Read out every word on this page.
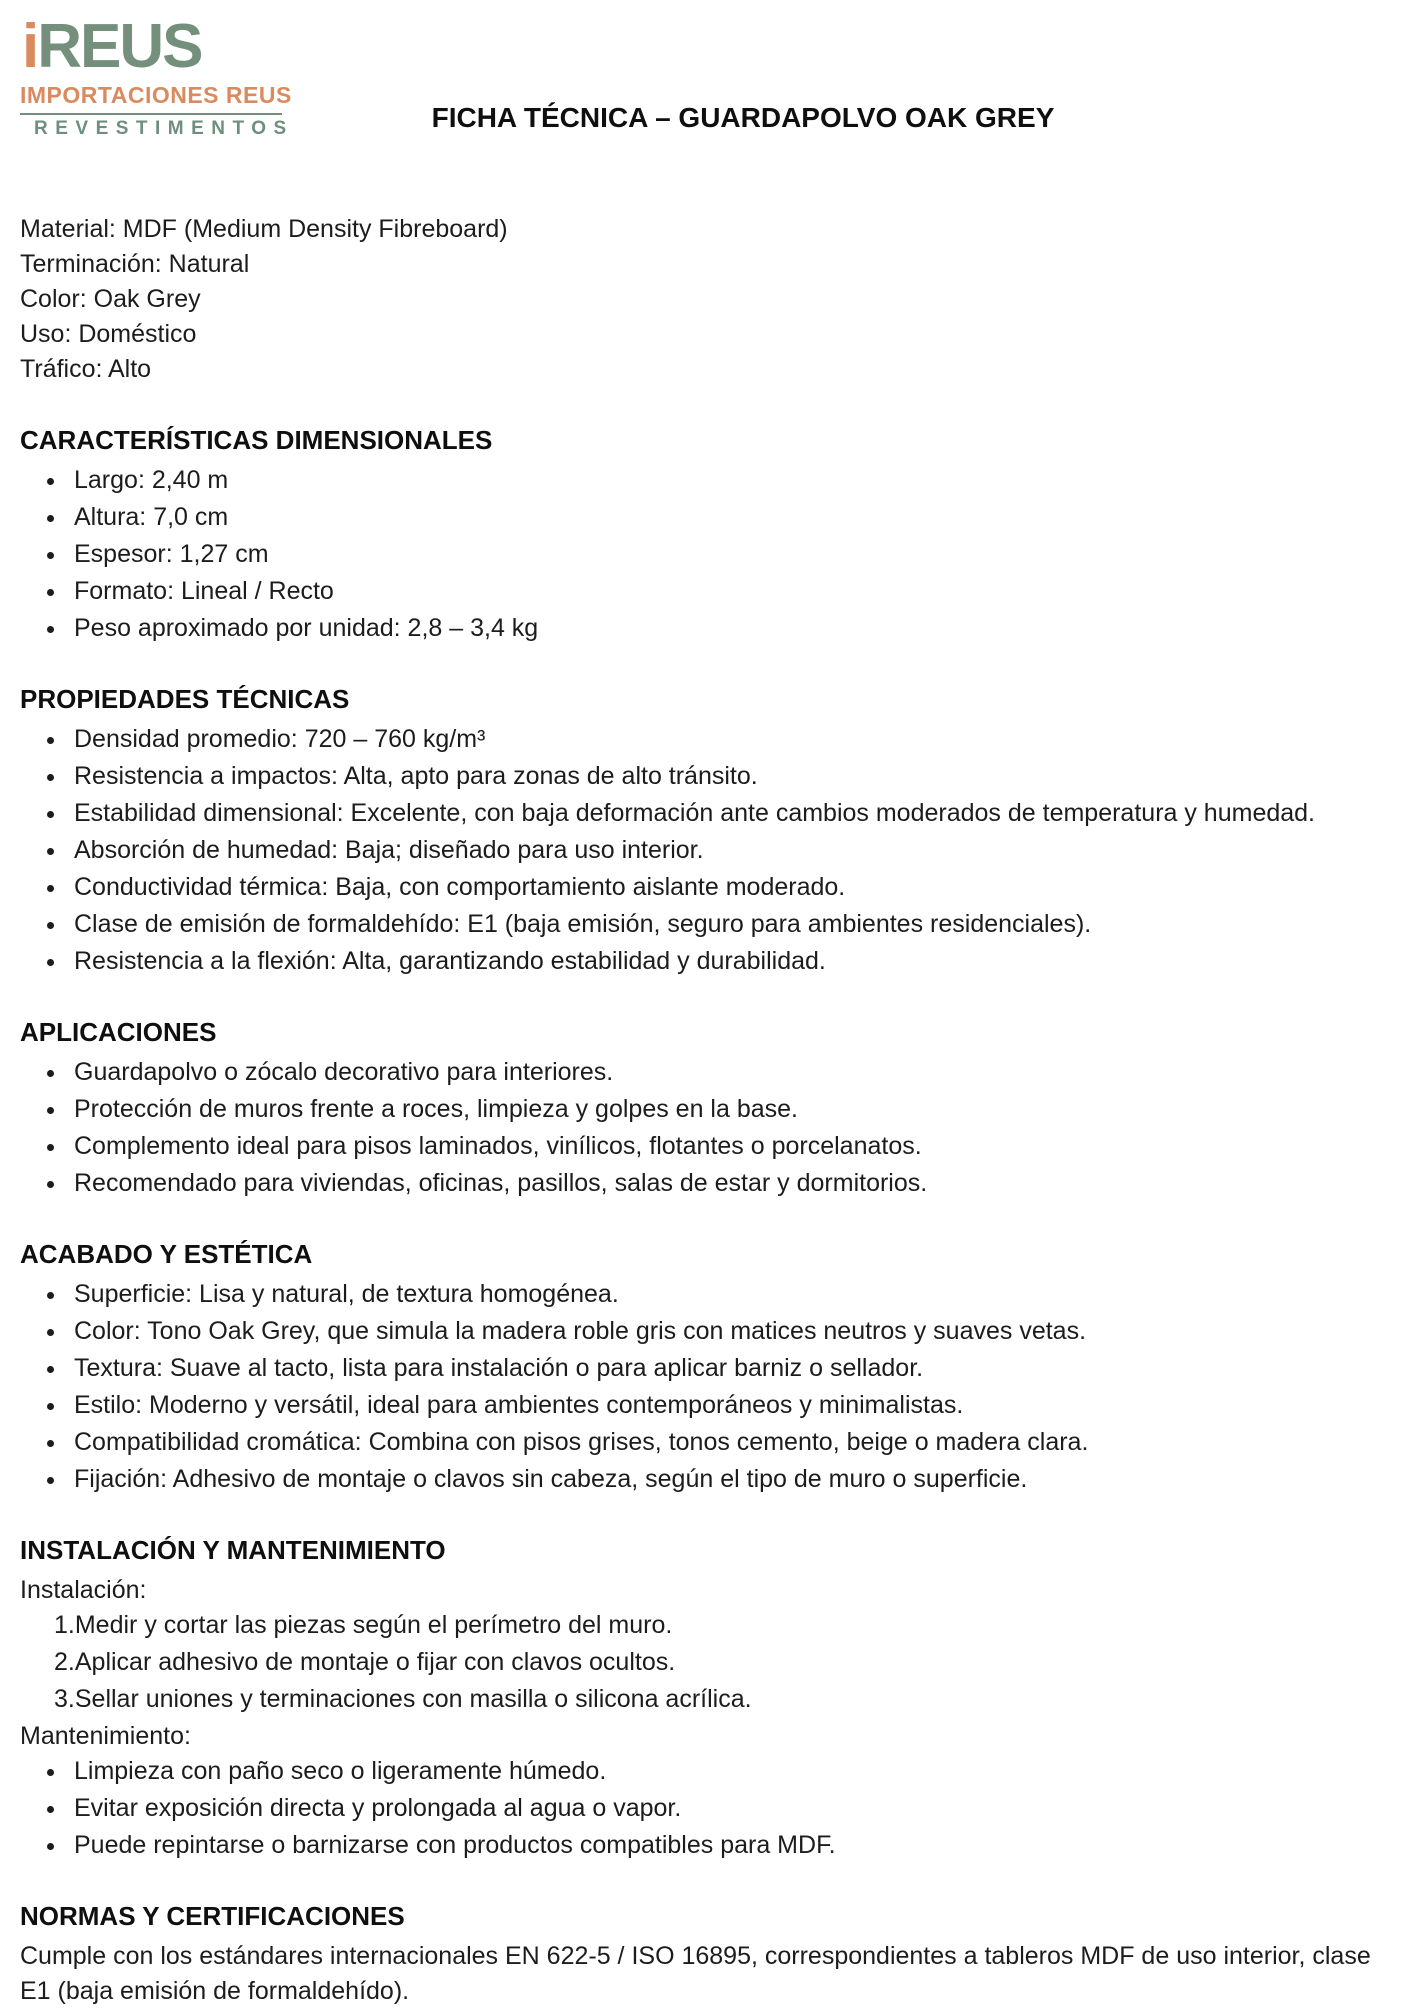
iREUS
IMPORTACIONES REUS
REVESTIMENTOS	FICHA TÉCNICA – GUARDAPOLVO OAK GREY

Material: MDF (Medium Density Fibreboard)

Terminación: Natural

Color: Oak Grey

Uso: Doméstico

Tráfico: Alto

CARACTERÍSTICAS DIMENSIONALES
• Largo: 2,40 m
• Altura: 7,0 cm
• Espesor: 1,27 cm
• Formato: Lineal / Recto
• Peso aproximado por unidad: 2,8 – 3,4 kg
PROPIEDADES TÉCNICAS
• Densidad promedio: 720 – 760 kg/m³
• Resistencia a impactos: Alta, apto para zonas de alto tránsito.
• Estabilidad dimensional: Excelente, con baja deformación ante cambios moderados de temperatura y humedad.
• Absorción de humedad: Baja; diseñado para uso interior.
• Conductividad térmica: Baja, con comportamiento aislante moderado.
• Clase de emisión de formaldehído: E1 (baja emisión, seguro para ambientes residenciales).
• Resistencia a la flexión: Alta, garantizando estabilidad y durabilidad.
APLICACIONES
• Guardapolvo o zócalo decorativo para interiores.
• Protección de muros frente a roces, limpieza y golpes en la base.
• Complemento ideal para pisos laminados, vinílicos, flotantes o porcelanatos.
• Recomendado para viviendas, oficinas, pasillos, salas de estar y dormitorios.
ACABADO Y ESTÉTICA
• Superficie: Lisa y natural, de textura homogénea.
• Color: Tono Oak Grey, que simula la madera roble gris con matices neutros y suaves vetas.
• Textura: Suave al tacto, lista para instalación o para aplicar barniz o sellador.
• Estilo: Moderno y versátil, ideal para ambientes contemporáneos y minimalistas.
• Compatibilidad cromática: Combina con pisos grises, tonos cemento, beige o madera clara.
• Fijación: Adhesivo de montaje o clavos sin cabeza, según el tipo de muro o superficie.
INSTALACIÓN Y MANTENIMIENTO

Instalación:

Medir y cortar las piezas según el perímetro del muro.
Aplicar adhesivo de montaje o fijar con clavos ocultos.
Sellar uniones y terminaciones con masilla o silicona acrílica.

Mantenimiento:

• Limpieza con paño seco o ligeramente húmedo.
• Evitar exposición directa y prolongada al agua o vapor.
• Puede repintarse o barnizarse con productos compatibles para MDF.
NORMAS Y CERTIFICACIONES

Cumple con los estándares internacionales EN 622-5 / ISO 16895, correspondientes a tableros MDF de uso interior, clase E1 (baja emisión de formaldehído).
